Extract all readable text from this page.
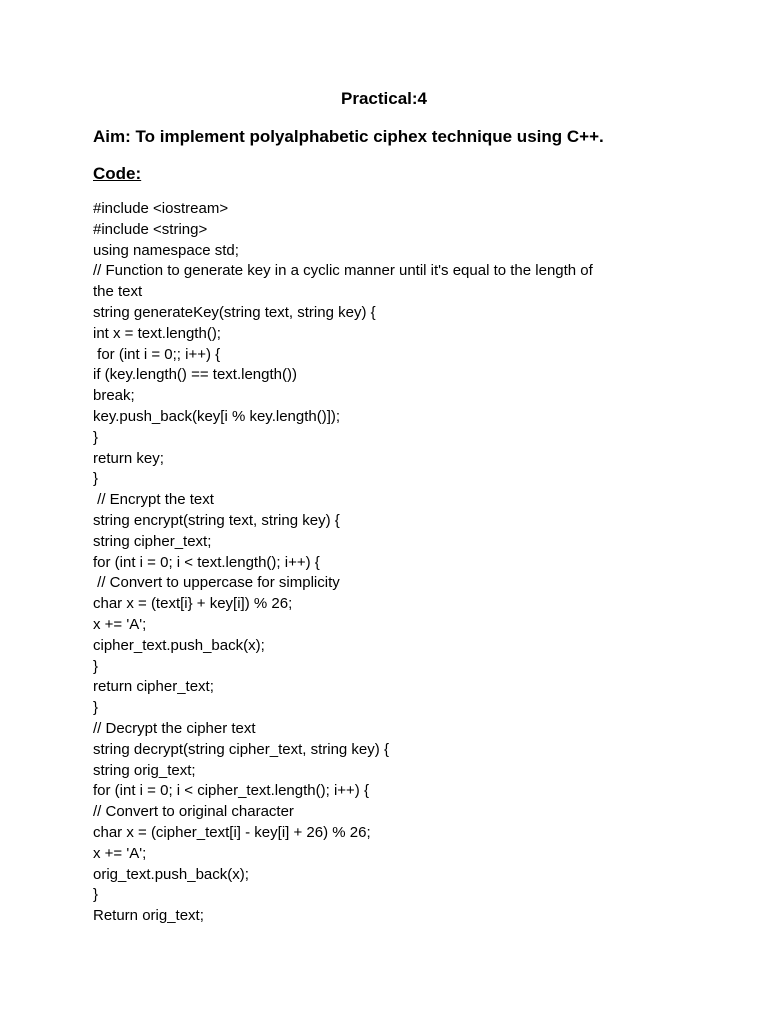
Practical:4
Aim: To implement polyalphabetic ciphex technique using C++.
Code:
#include <iostream>
#include <string>
using namespace std;
// Function to generate key in a cyclic manner until it's equal to the length of
the text
string generateKey(string text, string key) {
int x = text.length();
for (int i = 0;; i++) {
if (key.length() == text.length())
break;
key.push_back(key[i % key.length()]);
}
return key;
}
// Encrypt the text
string encrypt(string text, string key) {
string cipher_text;
for (int i = 0; i < text.length(); i++) {
// Convert to uppercase for simplicity
char x = (text[i} + key[i]) % 26;
x += 'A';
cipher_text.push_back(x);
}
return cipher_text;
}
// Decrypt the cipher text
string decrypt(string cipher_text, string key) {
string orig_text;
for (int i = 0; i < cipher_text.length(); i++) {
// Convert to original character
char x = (cipher_text[i] - key[i] + 26) % 26;
x += 'A';
orig_text.push_back(x);
}
Return orig_text;
